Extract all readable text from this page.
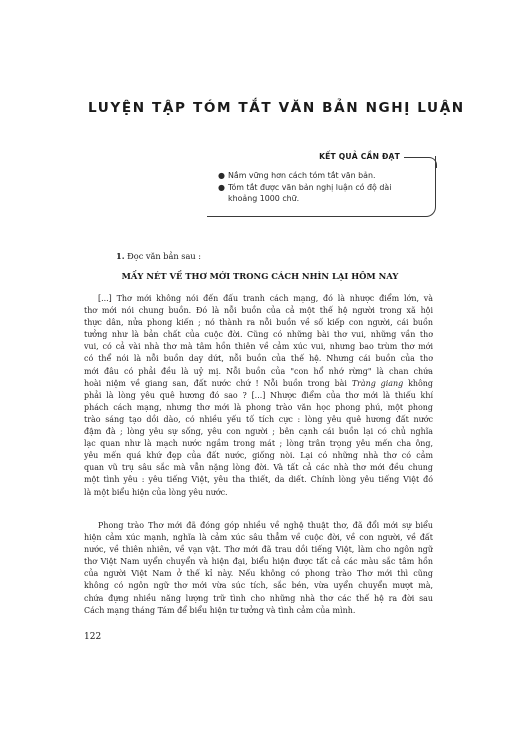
LUYỆN TẬP TÓM TẮT VĂN BẢN NGHỊ LUẬN
KẾT QUẢ CẦN ĐẠT
● Nắm vững hơn cách tóm tắt văn bản.
● Tóm tắt được văn bản nghị luận có độ dài khoảng 1000 chữ.
1. Đọc văn bản sau :
MẤY NÉT VỀ THƠ MỚI TRONG CÁCH NHÌN LẠI HÔM NAY
[...] Thơ mới không nói đến đấu tranh cách mạng, đó là nhược điểm lớn, và
thơ mới nói chung buồn. Đó là nỗi buồn của cả một thế hệ người trong xã hội
thực dân, nửa phong kiến ; nó thành ra nỗi buồn về số kiếp con người, cái buồn
tưởng như là bản chất của cuộc đời. Cũng có những bài thơ vui, những vần thơ
vui, có cả vài nhà thơ mà tâm hồn thiên về cảm xúc vui, nhưng bao trùm thơ mới
có thể nói là nỗi buồn day dứt, nỗi buồn của thế hệ. Nhưng cái buồn của thơ
mới đâu có phải đều là uỷ mị. Nỗi buồn của "con hổ nhớ rừng" là chan chứa
hoài niệm về giang san, đất nước chứ ! Nỗi buồn trong bài Tràng giang không
phải là lòng yêu quê hương đó sao ? [...] Nhược điểm của thơ mới là thiếu khí
phách cách mạng, nhưng thơ mới là phong trào văn học phong phú, một phong
trào sáng tạo dồi dào, có nhiều yếu tố tích cực : lòng yêu quê hương đất nước
đậm đà ; lòng yêu sự sống, yêu con người ; bên cạnh cái buồn lại có chủ nghĩa
lạc quan như là mạch nước ngầm trong mát ; lòng trân trọng yêu mến cha ông,
yêu mến quá khứ đẹp của đất nước, giống nòi. Lại có những nhà thơ có cảm
quan vũ trụ sâu sắc mà vẫn nặng lòng đời. Và tất cả các nhà thơ mới đều chung
một tình yêu : yêu tiếng Việt, yêu tha thiết, da diết. Chính lòng yêu tiếng Việt đó
là một biểu hiện của lòng yêu nước.
Phong trào Thơ mới đã đóng góp nhiều về nghệ thuật thơ, đã đổi mới sự biểu
hiện cảm xúc mạnh, nghĩa là cảm xúc sâu thẳm về cuộc đời, về con người, về đất
nước, về thiên nhiên, về vạn vật. Thơ mới đã trau dồi tiếng Việt, làm cho ngôn ngữ
thơ Việt Nam uyển chuyển và hiện đại, biểu hiện được tất cả các màu sắc tâm hồn
của người Việt Nam ở thế kỉ này. Nếu không có phong trào Thơ mới thì cũng
không có ngôn ngữ thơ mới vừa súc tích, sắc bén, vừa uyển chuyển mượt mà,
chứa đựng nhiều năng lượng trữ tình cho những nhà thơ các thế hệ ra đời sau
Cách mạng tháng Tám để biểu hiện tư tưởng và tình cảm của mình.
122
